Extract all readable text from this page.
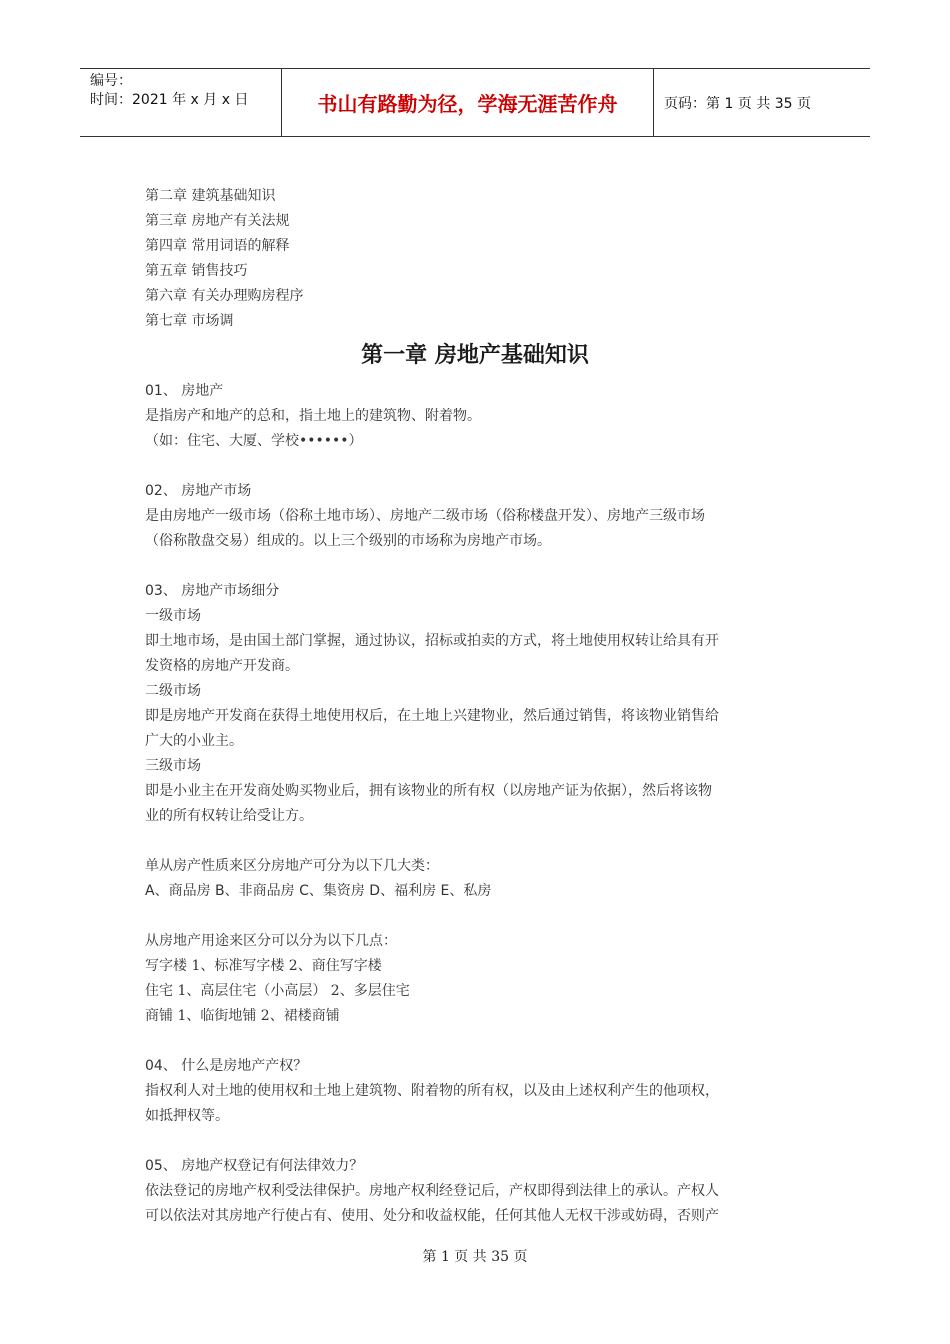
编号：
时间：2021 年 x 月 x 日	书山有路勤为径，学海无涯苦作舟	页码：第 1 页 共 35 页
第二章 建筑基础知识
第三章 房地产有关法规
第四章 常用词语的解释
第五章 销售技巧
第六章 有关办理购房程序
第七章 市场调
第一章 房地产基础知识
01、 房地产
是指房产和地产的总和，指土地上的建筑物、附着物。
（如：住宅、大厦、学校••••••）
02、 房地产市场
是由房地产一级市场（俗称土地市场）、房地产二级市场（俗称楼盘开发）、房地产三级市场
（俗称散盘交易）组成的。以上三个级别的市场称为房地产市场。
03、 房地产市场细分
一级市场
即土地市场，是由国土部门掌握，通过协议，招标或拍卖的方式，将土地使用权转让给具有开
发资格的房地产开发商。
二级市场
即是房地产开发商在获得土地使用权后，在土地上兴建物业，然后通过销售，将该物业销售给
广大的小业主。
三级市场
即是小业主在开发商处购买物业后，拥有该物业的所有权（以房地产证为依据），然后将该物
业的所有权转让给受让方。
单从房产性质来区分房地产可分为以下几大类：
A、商品房 B、非商品房 C、集资房 D、福利房 E、私房
从房地产用途来区分可以分为以下几点：
写字楼 1、标准写字楼 2、商住写字楼
住宅 1、高层住宅（小高层） 2、多层住宅
商铺 1、临街地铺 2、裙楼商铺
04、 什么是房地产产权？
指权利人对土地的使用权和土地上建筑物、附着物的所有权，以及由上述权利产生的他项权，
如抵押权等。
05、 房地产权登记有何法律效力？
依法登记的房地产权利受法律保护。房地产权利经登记后，产权即得到法律上的承认。产权人
可以依法对其房地产行使占有、使用、处分和收益权能，任何其他人无权干涉或妨碍，否则产
第 1 页 共 35 页
